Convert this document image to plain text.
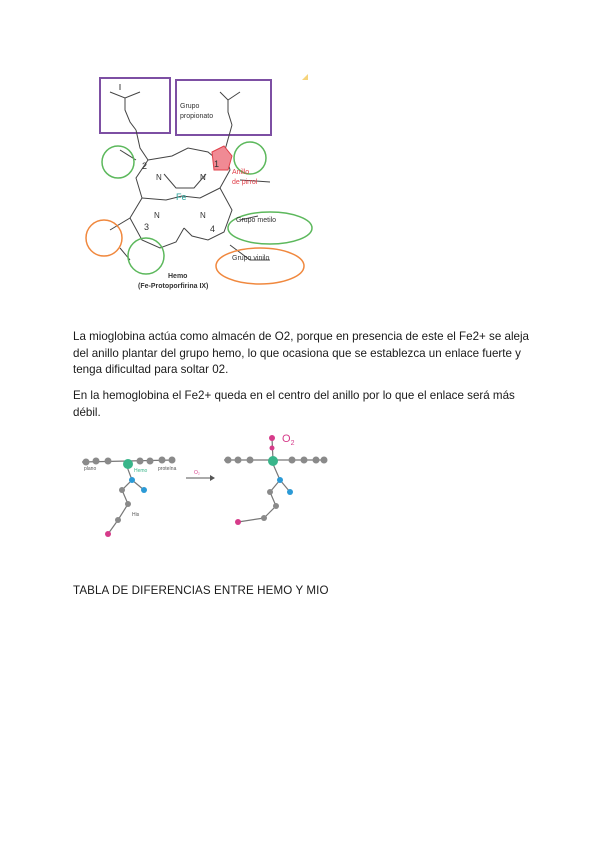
Grupo
propionato
1
2
3	4
N	N
N	N
Fe
Anillo
de pirrol
Grupo metilo
Grupo vinilo
Hemo
(Fe-Protoporfirina IX)

La mioglobina actúa como almacén de O2, porque en presencia de este el Fe2+ se aleja del anillo plantar del grupo hemo, lo que ocasiona que se establezca un enlace fuerte y tenga dificultad para soltar 02.

En la hemoglobina el Fe2+ queda en el centro del anillo por lo que el enlace será más débil.

plano	Hemo proteína
His
O₂
$O_2$

TABLA DE DIFERENCIAS ENTRE HEMO Y MIO
